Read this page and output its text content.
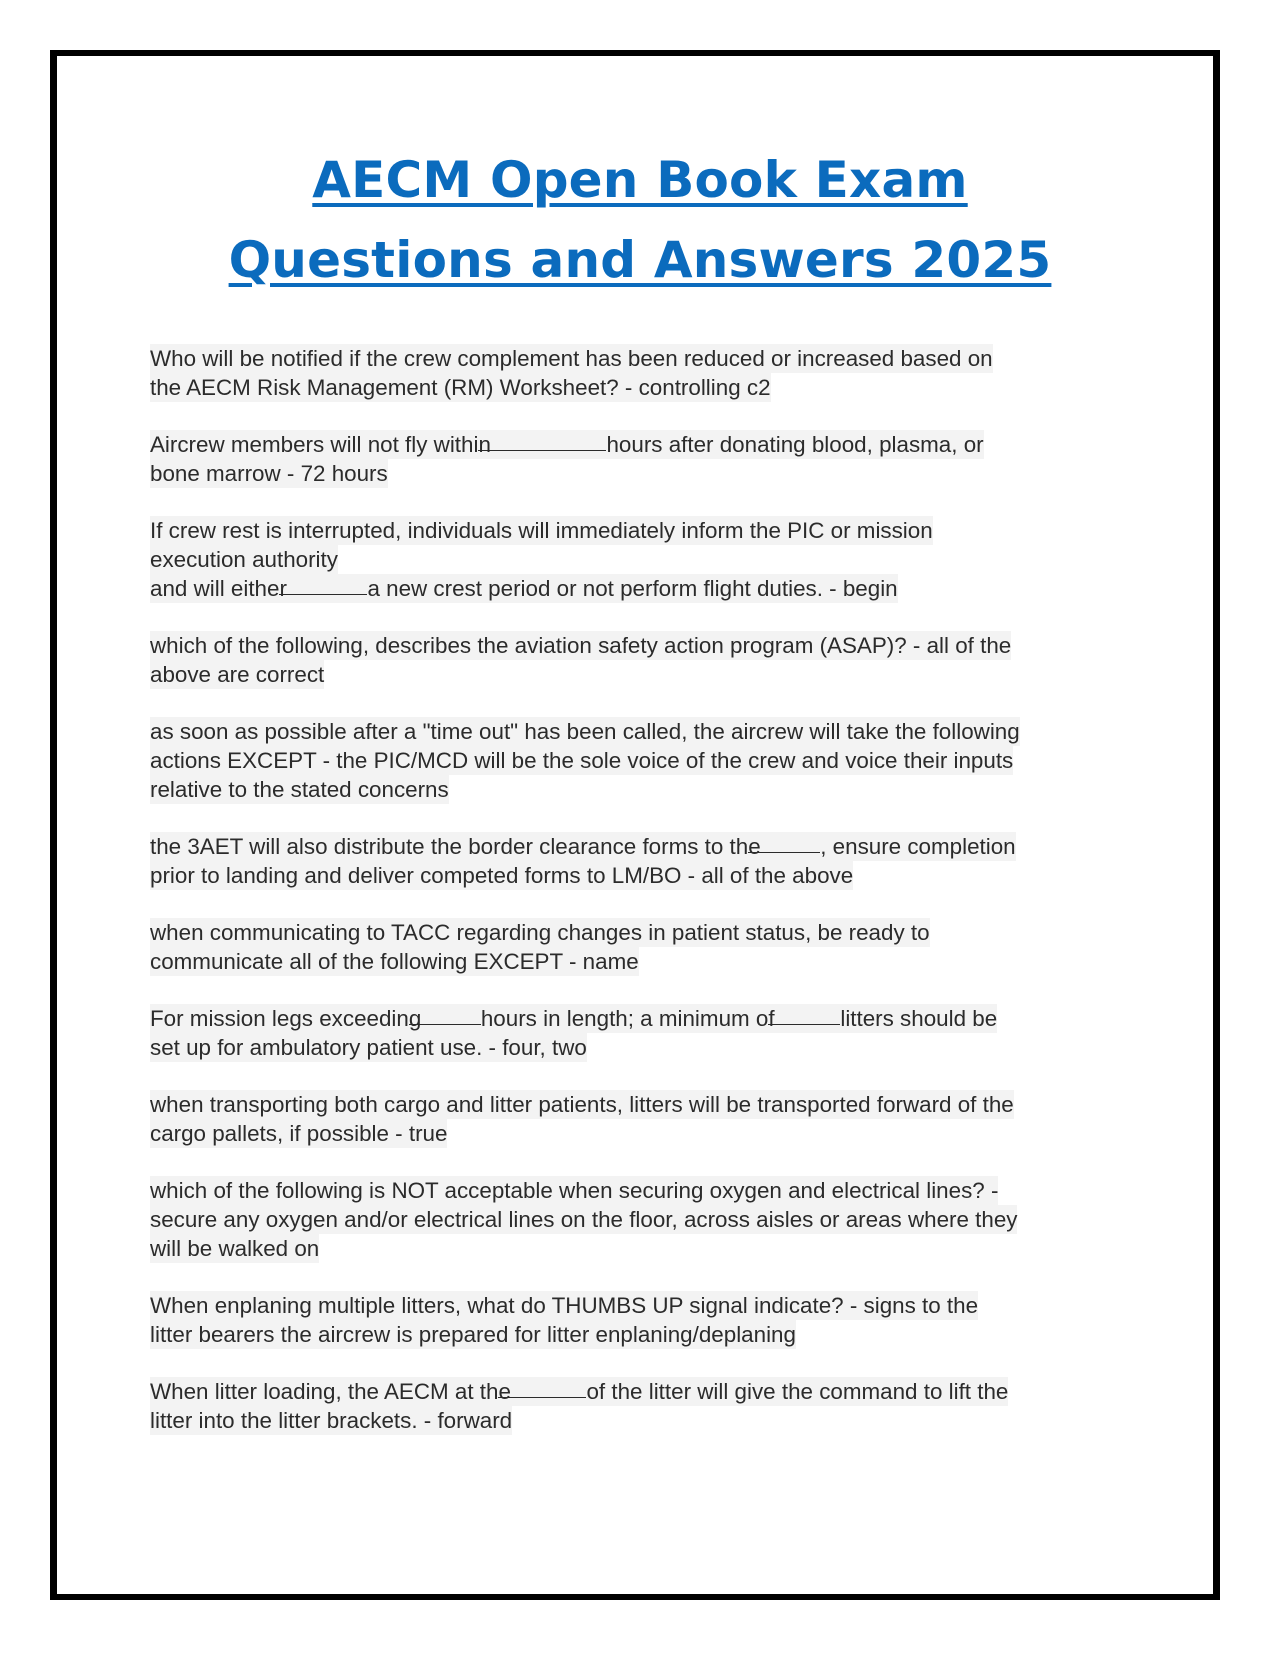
AECM Open Book Exam
Questions and Answers 2025
Who will be notified if the crew complement has been reduced or increased based on
the AECM Risk Management (RM) Worksheet? - controlling c2
Aircrew members will not fly within	hours after donating blood, plasma, or
bone marrow - 72 hours
If crew rest is interrupted, individuals will immediately inform the PIC or mission
execution authority
and will either	a new crest period or not perform flight duties. - begin
which of the following, describes the aviation safety action program (ASAP)? - all of the
above are correct
as soon as possible after a "time out" has been called, the aircrew will take the following
actions EXCEPT - the PIC/MCD will be the sole voice of the crew and voice their inputs
relative to the stated concerns
the 3AET will also distribute the border clearance forms to the	, ensure completion
prior to landing and deliver competed forms to LM/BO - all of the above
when communicating to TACC regarding changes in patient status, be ready to
communicate all of the following EXCEPT - name
For mission legs exceeding	hours in length; a minimum of	litters should be
set up for ambulatory patient use. - four, two
when transporting both cargo and litter patients, litters will be transported forward of the
cargo pallets, if possible - true
which of the following is NOT acceptable when securing oxygen and electrical lines? -
secure any oxygen and/or electrical lines on the floor, across aisles or areas where they
will be walked on
When enplaning multiple litters, what do THUMBS UP signal indicate? - signs to the
litter bearers the aircrew is prepared for litter enplaning/deplaning
When litter loading, the AECM at the	of the litter will give the command to lift the
litter into the litter brackets. - forward
